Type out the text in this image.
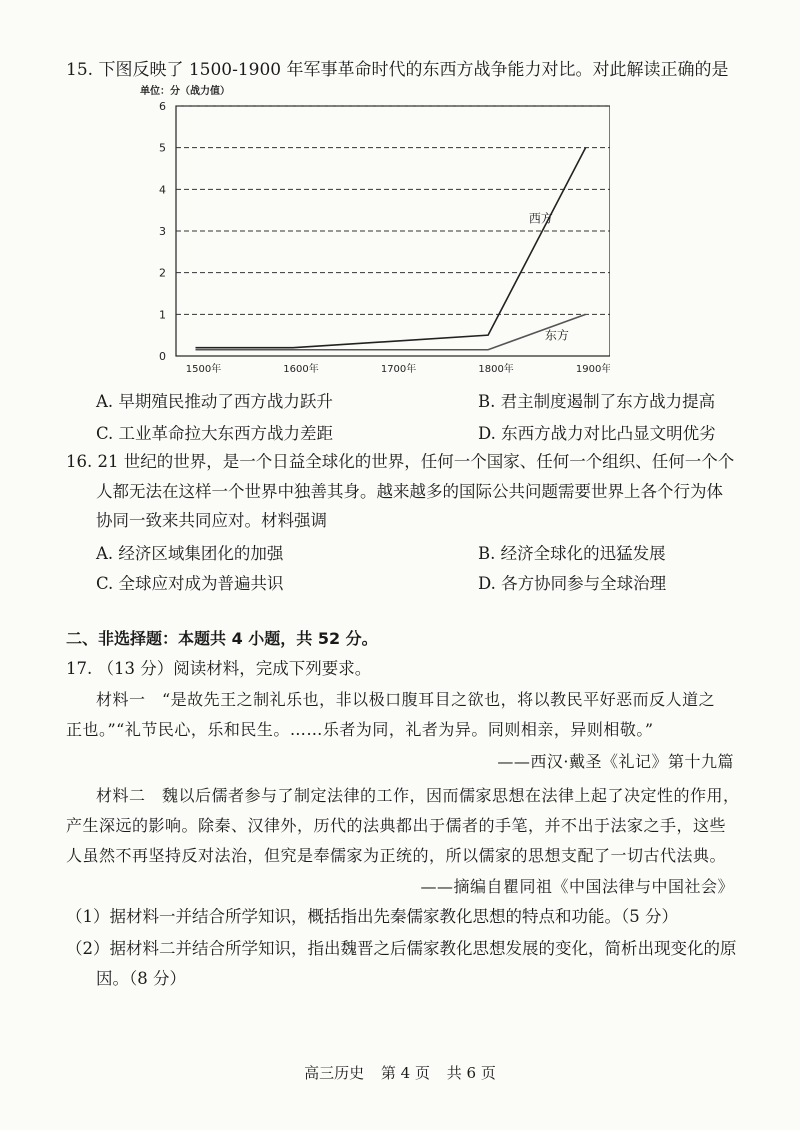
15. 下图反映了 1500-1900 年军事革命时代的东西方战争能力对比。对此解读正确的是
单位：分（战力值）
0
1
2
3
4
5
6
1500年	1600年	1700年	1800年	1900年
西方
东方
A. 早期殖民推动了西方战力跃升	B. 君主制度遏制了东方战力提高
C. 工业革命拉大东西方战力差距	D. 东西方战力对比凸显文明优劣
16. 21 世纪的世界，是一个日益全球化的世界，任何一个国家、任何一个组织、任何一个个
人都无法在这样一个世界中独善其身。越来越多的国际公共问题需要世界上各个行为体
协同一致来共同应对。材料强调
A. 经济区域集团化的加强	B. 经济全球化的迅猛发展
C. 全球应对成为普遍共识	D. 各方协同参与全球治理
二、非选择题：本题共 4 小题，共 52 分。
17. （13 分）阅读材料，完成下列要求。
材料一　“是故先王之制礼乐也，非以极口腹耳目之欲也，将以教民平好恶而反人道之
正也。”“礼节民心，乐和民生。……乐者为同，礼者为异。同则相亲，异则相敬。”
——西汉·戴圣《礼记》第十九篇
材料二　魏以后儒者参与了制定法律的工作，因而儒家思想在法律上起了决定性的作用，
产生深远的影响。除秦、汉律外，历代的法典都出于儒者的手笔，并不出于法家之手，这些
人虽然不再坚持反对法治，但究是奉儒家为正统的，所以儒家的思想支配了一切古代法典。
——摘编自瞿同祖《中国法律与中国社会》
（1）据材料一并结合所学知识，概括指出先秦儒家教化思想的特点和功能。（5 分）
（2）据材料二并结合所学知识，指出魏晋之后儒家教化思想发展的变化，简析出现变化的原
因。（8 分）
高三历史 第 4 页 共 6 页
